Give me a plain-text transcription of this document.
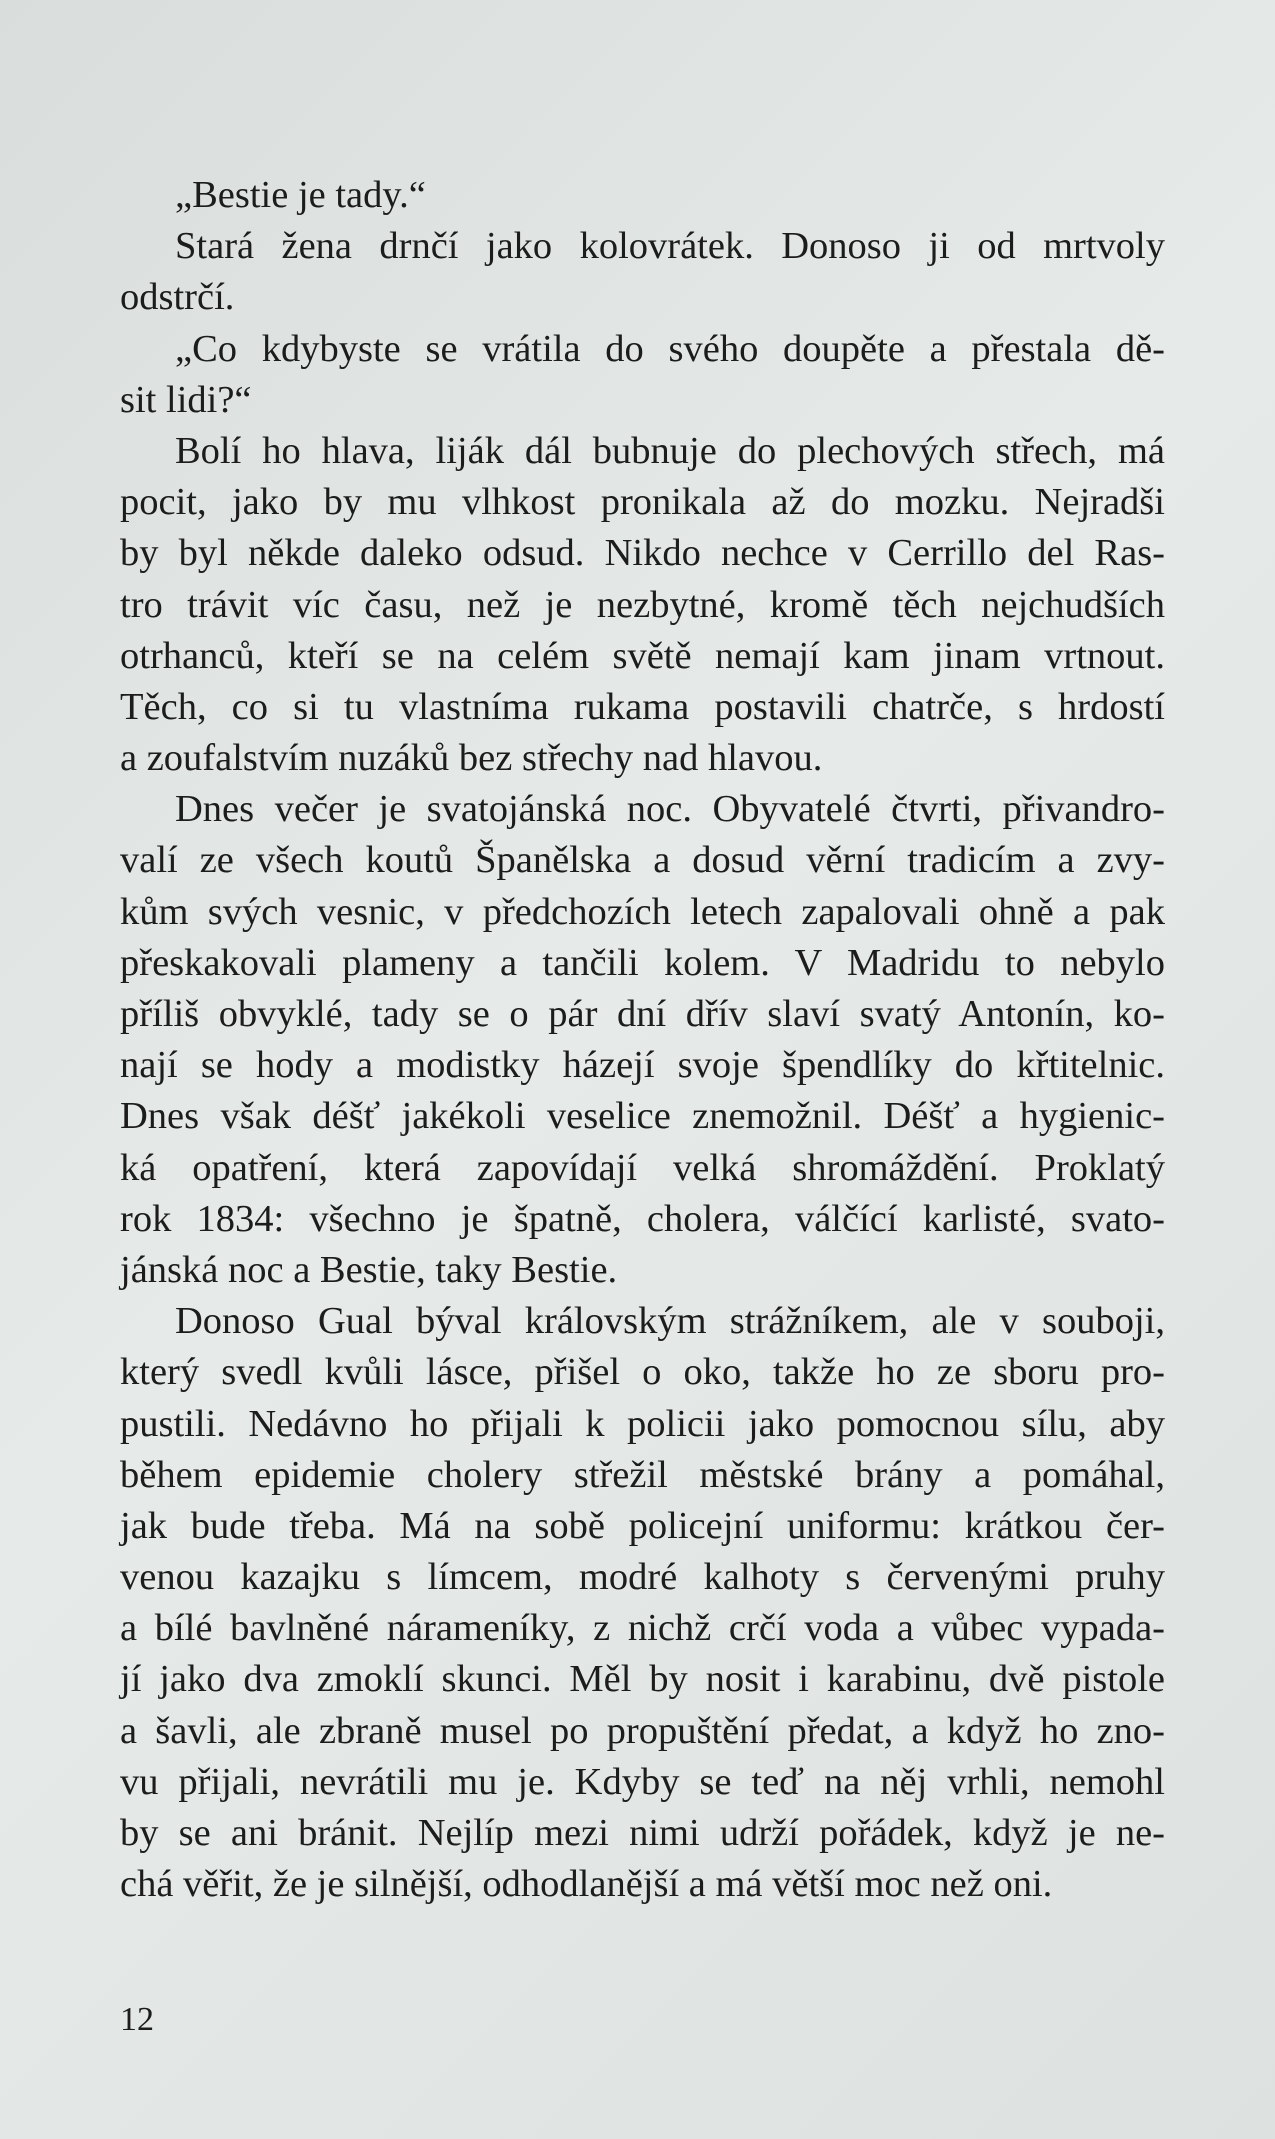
„Bestie je tady.“

Stará žena drnčí jako kolovrátek. Donoso ji od mrtvoly
odstrčí.

„Co kdybyste se vrátila do svého doupěte a přestala dě-
sit lidi?“

Bolí ho hlava, liják dál bubnuje do plechových střech, má
pocit, jako by mu vlhkost pronikala až do mozku. Nejradši
by byl někde daleko odsud. Nikdo nechce v Cerrillo del Ras-
tro trávit víc času, než je nezbytné, kromě těch nejchudších
otrhanců, kteří se na celém světě nemají kam jinam vrtnout.
Těch, co si tu vlastníma rukama postavili chatrče, s hrdostí
a zoufalstvím nuzáků bez střechy nad hlavou.

Dnes večer je svatojánská noc. Obyvatelé čtvrti, přivandro-
valí ze všech koutů Španělska a dosud věrní tradicím a zvy-
kům svých vesnic, v předchozích letech zapalovali ohně a pak
přeskakovali plameny a tančili kolem. V Madridu to nebylo
příliš obvyklé, tady se o pár dní dřív slaví svatý Antonín, ko-
nají se hody a modistky házejí svoje špendlíky do křtitelnic.
Dnes však déšť jakékoli veselice znemožnil. Déšť a hygienic-
ká opatření, která zapovídají velká shromáždění. Proklatý
rok 1834: všechno je špatně, cholera, válčící karlisté, svato-
jánská noc a Bestie, taky Bestie.

Donoso Gual býval královským strážníkem, ale v souboji,
který svedl kvůli lásce, přišel o oko, takže ho ze sboru pro-
pustili. Nedávno ho přijali k policii jako pomocnou sílu, aby
během epidemie cholery střežil městské brány a pomáhal,
jak bude třeba. Má na sobě policejní uniformu: krátkou čer-
venou kazajku s límcem, modré kalhoty s červenými pruhy
a bílé bavlněné nárameníky, z nichž crčí voda a vůbec vypada-
jí jako dva zmoklí skunci. Měl by nosit i karabinu, dvě pistole
a šavli, ale zbraně musel po propuštění předat, a když ho zno-
vu přijali, nevrátili mu je. Kdyby se teď na něj vrhli, nemohl
by se ani bránit. Nejlíp mezi nimi udrží pořádek, když je ne-
chá věřit, že je silnější, odhodlanější a má větší moc než oni.

12
